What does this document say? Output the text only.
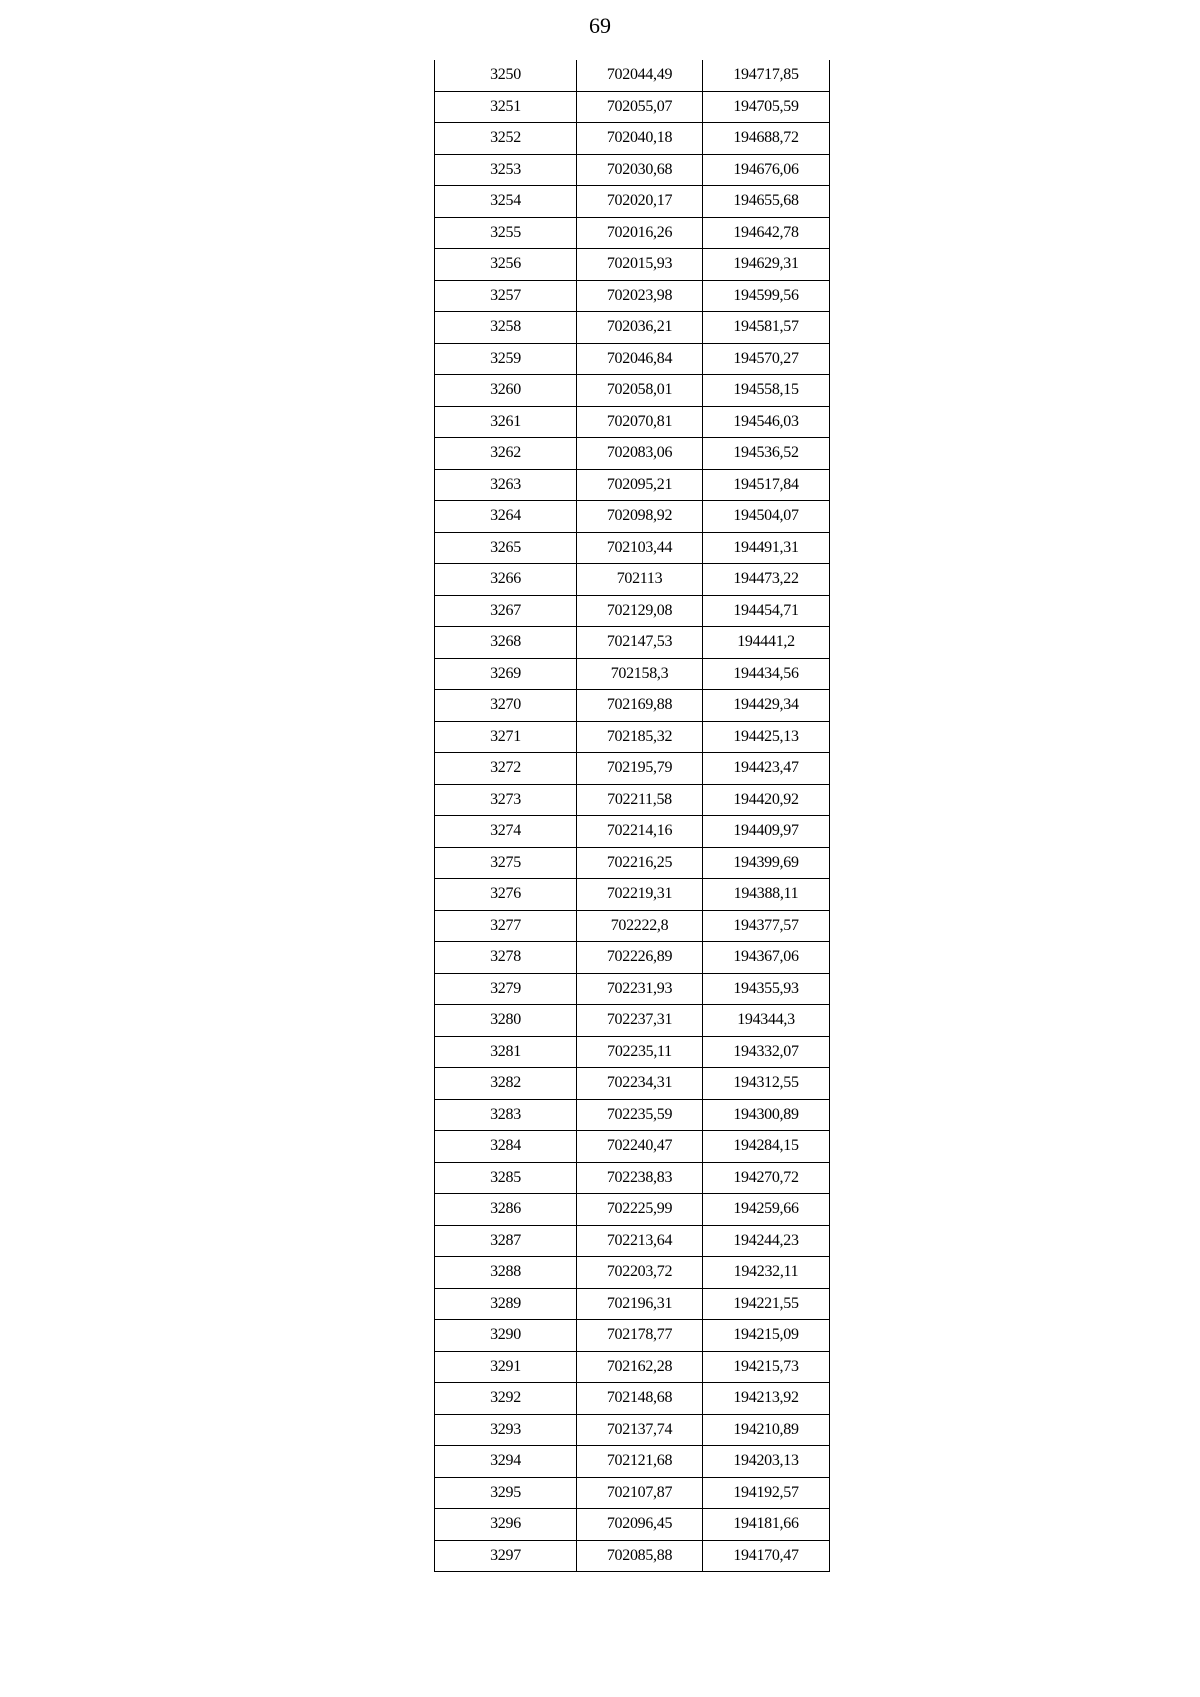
69
3250	702044,49	194717,85
3251	702055,07	194705,59
3252	702040,18	194688,72
3253	702030,68	194676,06
3254	702020,17	194655,68
3255	702016,26	194642,78
3256	702015,93	194629,31
3257	702023,98	194599,56
3258	702036,21	194581,57
3259	702046,84	194570,27
3260	702058,01	194558,15
3261	702070,81	194546,03
3262	702083,06	194536,52
3263	702095,21	194517,84
3264	702098,92	194504,07
3265	702103,44	194491,31
3266	702113	194473,22
3267	702129,08	194454,71
3268	702147,53	194441,2
3269	702158,3	194434,56
3270	702169,88	194429,34
3271	702185,32	194425,13
3272	702195,79	194423,47
3273	702211,58	194420,92
3274	702214,16	194409,97
3275	702216,25	194399,69
3276	702219,31	194388,11
3277	702222,8	194377,57
3278	702226,89	194367,06
3279	702231,93	194355,93
3280	702237,31	194344,3
3281	702235,11	194332,07
3282	702234,31	194312,55
3283	702235,59	194300,89
3284	702240,47	194284,15
3285	702238,83	194270,72
3286	702225,99	194259,66
3287	702213,64	194244,23
3288	702203,72	194232,11
3289	702196,31	194221,55
3290	702178,77	194215,09
3291	702162,28	194215,73
3292	702148,68	194213,92
3293	702137,74	194210,89
3294	702121,68	194203,13
3295	702107,87	194192,57
3296	702096,45	194181,66
3297	702085,88	194170,47
